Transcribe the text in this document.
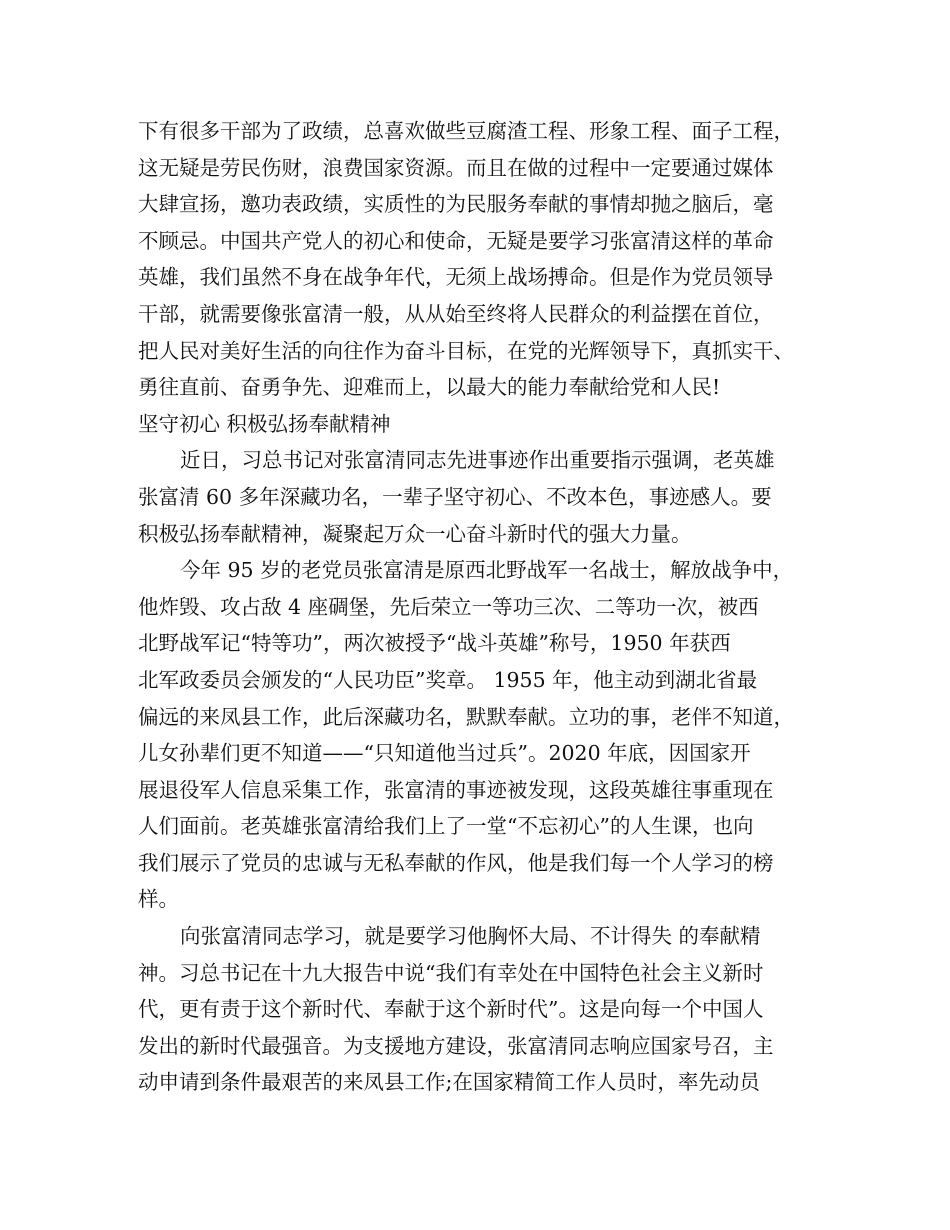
下有很多干部为了政绩，总喜欢做些豆腐渣工程、形象工程、面子工程，
这无疑是劳民伤财，浪费国家资源。而且在做的过程中一定要通过媒体
大肆宣扬，邀功表政绩，实质性的为民服务奉献的事情却抛之脑后，毫
不顾忌。中国共产党人的初心和使命，无疑是要学习张富清这样的革命
英雄，我们虽然不身在战争年代，无须上战场搏命。但是作为党员领导
干部，就需要像张富清一般，从从始至终将人民群众的利益摆在首位，
把人民对美好生活的向往作为奋斗目标，在党的光辉领导下，真抓实干、
勇往直前、奋勇争先、迎难而上，以最大的能力奉献给党和人民!
坚守初心 积极弘扬奉献精神
近日，习总书记对张富清同志先进事迹作出重要指示强调，老英雄
张富清 60 多年深藏功名，一辈子坚守初心、不改本色，事迹感人。要
积极弘扬奉献精神，凝聚起万众一心奋斗新时代的强大力量。
今年 95 岁的老党员张富清是原西北野战军一名战士，解放战争中，
他炸毁、攻占敌 4 座碉堡，先后荣立一等功三次、二等功一次，被西
北野战军记“特等功”，两次被授予“战斗英雄”称号，1950 年获西
北军政委员会颁发的“人民功臣”奖章。 1955 年，他主动到湖北省最
偏远的来凤县工作，此后深藏功名，默默奉献。立功的事，老伴不知道，
儿女孙辈们更不知道——“只知道他当过兵”。2020 年底，因国家开
展退役军人信息采集工作，张富清的事迹被发现，这段英雄往事重现在
人们面前。老英雄张富清给我们上了一堂“不忘初心”的人生课，也向
我们展示了党员的忠诚与无私奉献的作风，他是我们每一个人学习的榜
样。
向张富清同志学习，就是要学习他胸怀大局、不计得失 的奉献精
神。习总书记在十九大报告中说“我们有幸处在中国特色社会主义新时
代，更有责于这个新时代、奉献于这个新时代”。这是向每一个中国人
发出的新时代最强音。为支援地方建设，张富清同志响应国家号召，主
动申请到条件最艰苦的来凤县工作;在国家精简工作人员时，率先动员
